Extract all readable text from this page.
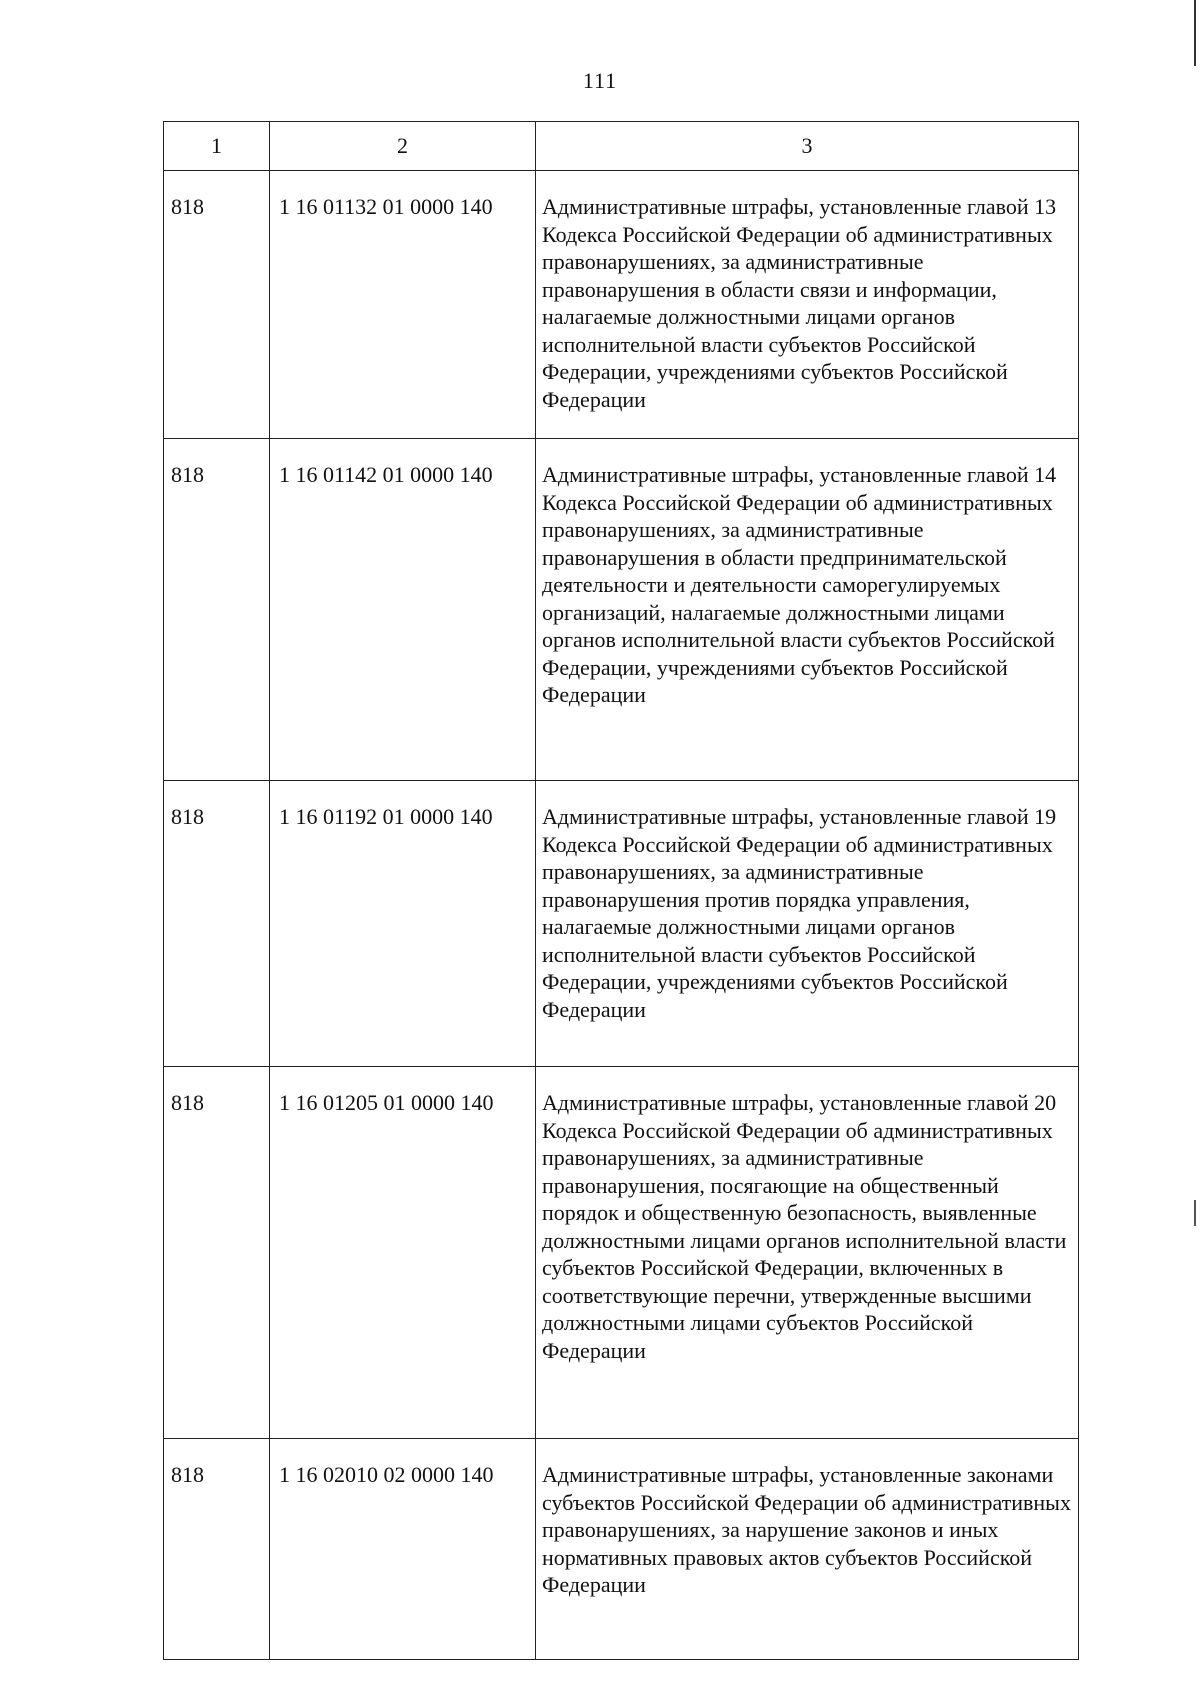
111
1	2	3
818	1 16 01132 01 0000 140	Административные штрафы, установленные главой 13 Кодекса Российской Федерации об административных правонарушениях, за административные правонарушения в области связи и информации, налагаемые должностными лицами органов исполнительной власти субъектов Российской Федерации, учреждениями субъектов Российской Федерации
818	1 16 01142 01 0000 140	Административные штрафы, установленные главой 14 Кодекса Российской Федерации об административных правонарушениях, за административные правонарушения в области предпринимательской деятельности и деятельности саморегулируемых организаций, налагаемые должностными лицами органов исполнительной власти субъектов Российской Федерации, учреждениями субъектов Российской Федерации
818	1 16 01192 01 0000 140	Административные штрафы, установленные главой 19 Кодекса Российской Федерации об административных правонарушениях, за административные правонарушения против порядка управления, налагаемые должностными лицами органов исполнительной власти субъектов Российской Федерации, учреждениями субъектов Российской Федерации
818	1 16 01205 01 0000 140	Административные штрафы, установленные главой 20 Кодекса Российской Федерации об административных правонарушениях, за административные правонарушения, посягающие на общественный порядок и общественную безопасность, выявленные должностными лицами органов исполнительной власти субъектов Российской Федерации, включенных в соответствующие перечни, утвержденные высшими должностными лицами субъектов Российской Федерации
818	1 16 02010 02 0000 140	Административные штрафы, установленные законами субъектов Российской Федерации об административных правонарушениях, за нарушение законов и иных нормативных правовых актов субъектов Российской Федерации
